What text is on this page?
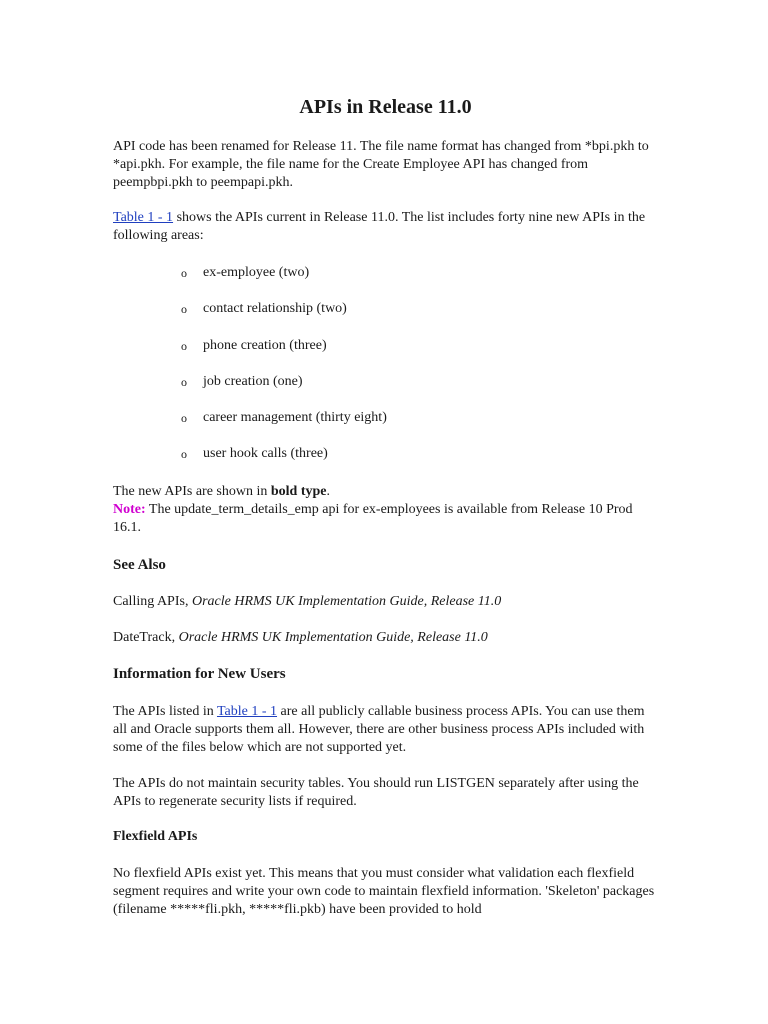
APIs in Release 11.0

API code has been renamed for Release 11. The file name format has changed from *bpi.pkh to *api.pkh. For example, the file name for the Create Employee API has changed from peempbpi.pkh to peempapi.pkh.

Table 1 - 1 shows the APIs current in Release 11.0. The list includes forty nine new APIs in the following areas:

o ex-employee (two)
o contact relationship (two)
o phone creation (three)
o job creation (one)
o career management (thirty eight)
o user hook calls (three)

The new APIs are shown in bold type.
Note: The update_term_details_emp api for ex-employees is available from Release 10 Prod 16.1.

See Also

Calling APIs, Oracle HRMS UK Implementation Guide, Release 11.0

DateTrack, Oracle HRMS UK Implementation Guide, Release 11.0

Information for New Users

The APIs listed in Table 1 - 1 are all publicly callable business process APIs. You can use them all and Oracle supports them all. However, there are other business process APIs included with some of the files below which are not supported yet.

The APIs do not maintain security tables. You should run LISTGEN separately after using the APIs to regenerate security lists if required.

Flexfield APIs

No flexfield APIs exist yet. This means that you must consider what validation each flexfield segment requires and write your own code to maintain flexfield information. 'Skeleton' packages (filename *****fli.pkh, *****fli.pkb) have been provided to hold
